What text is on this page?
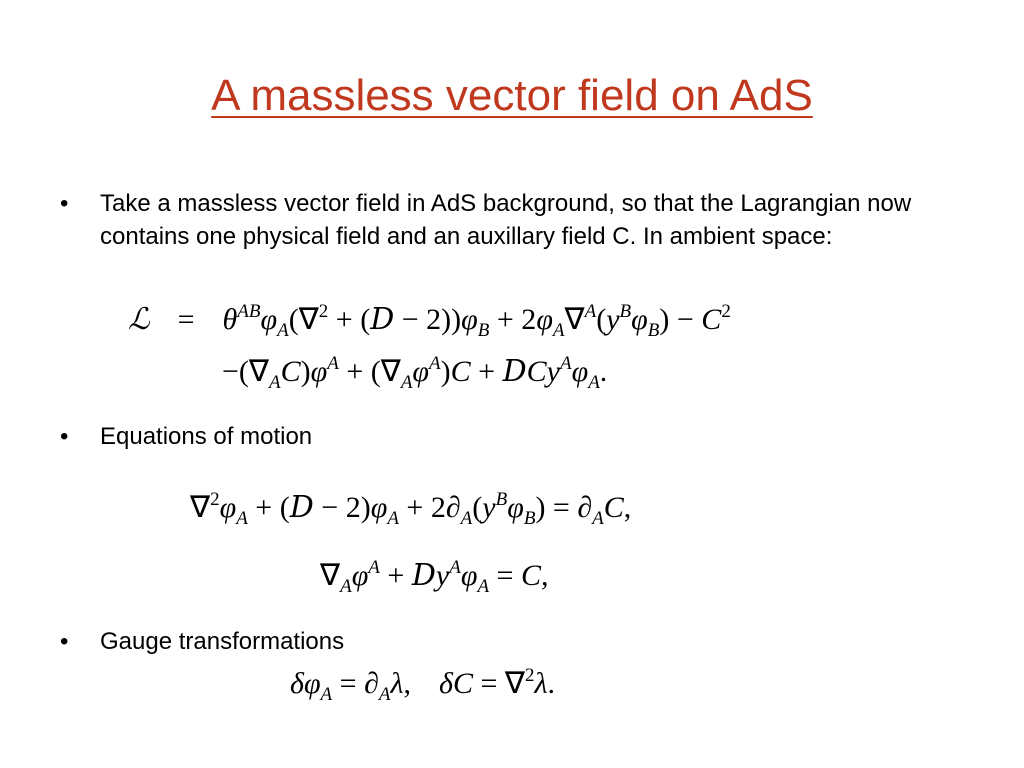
A massless vector field on AdS
• Take a massless vector field in AdS background, so that the Lagrangian now contains one physical field and an auxillary field C. In ambient space:
ℒ = $\theta^{AB}\varphi_A(\nabla^2 + (D - 2))\varphi_B + 2\varphi_A\nabla^A(y^B\varphi_B) - C^2$
$-(\nabla_AC)\varphi^A + (\nabla_A\varphi^A)C + DCy^A\varphi_A$.
• Equations of motion
$\nabla^2\varphi_A + (D - 2)\varphi_A + 2\partial_A(y^B\varphi_B) = \partial_AC$,
$\nabla_A\varphi^A + Dy^A\varphi_A = C$,
• Gauge transformations
$\delta\varphi_A = \partial_A\lambda$, δC = ∇$^2$λ.
